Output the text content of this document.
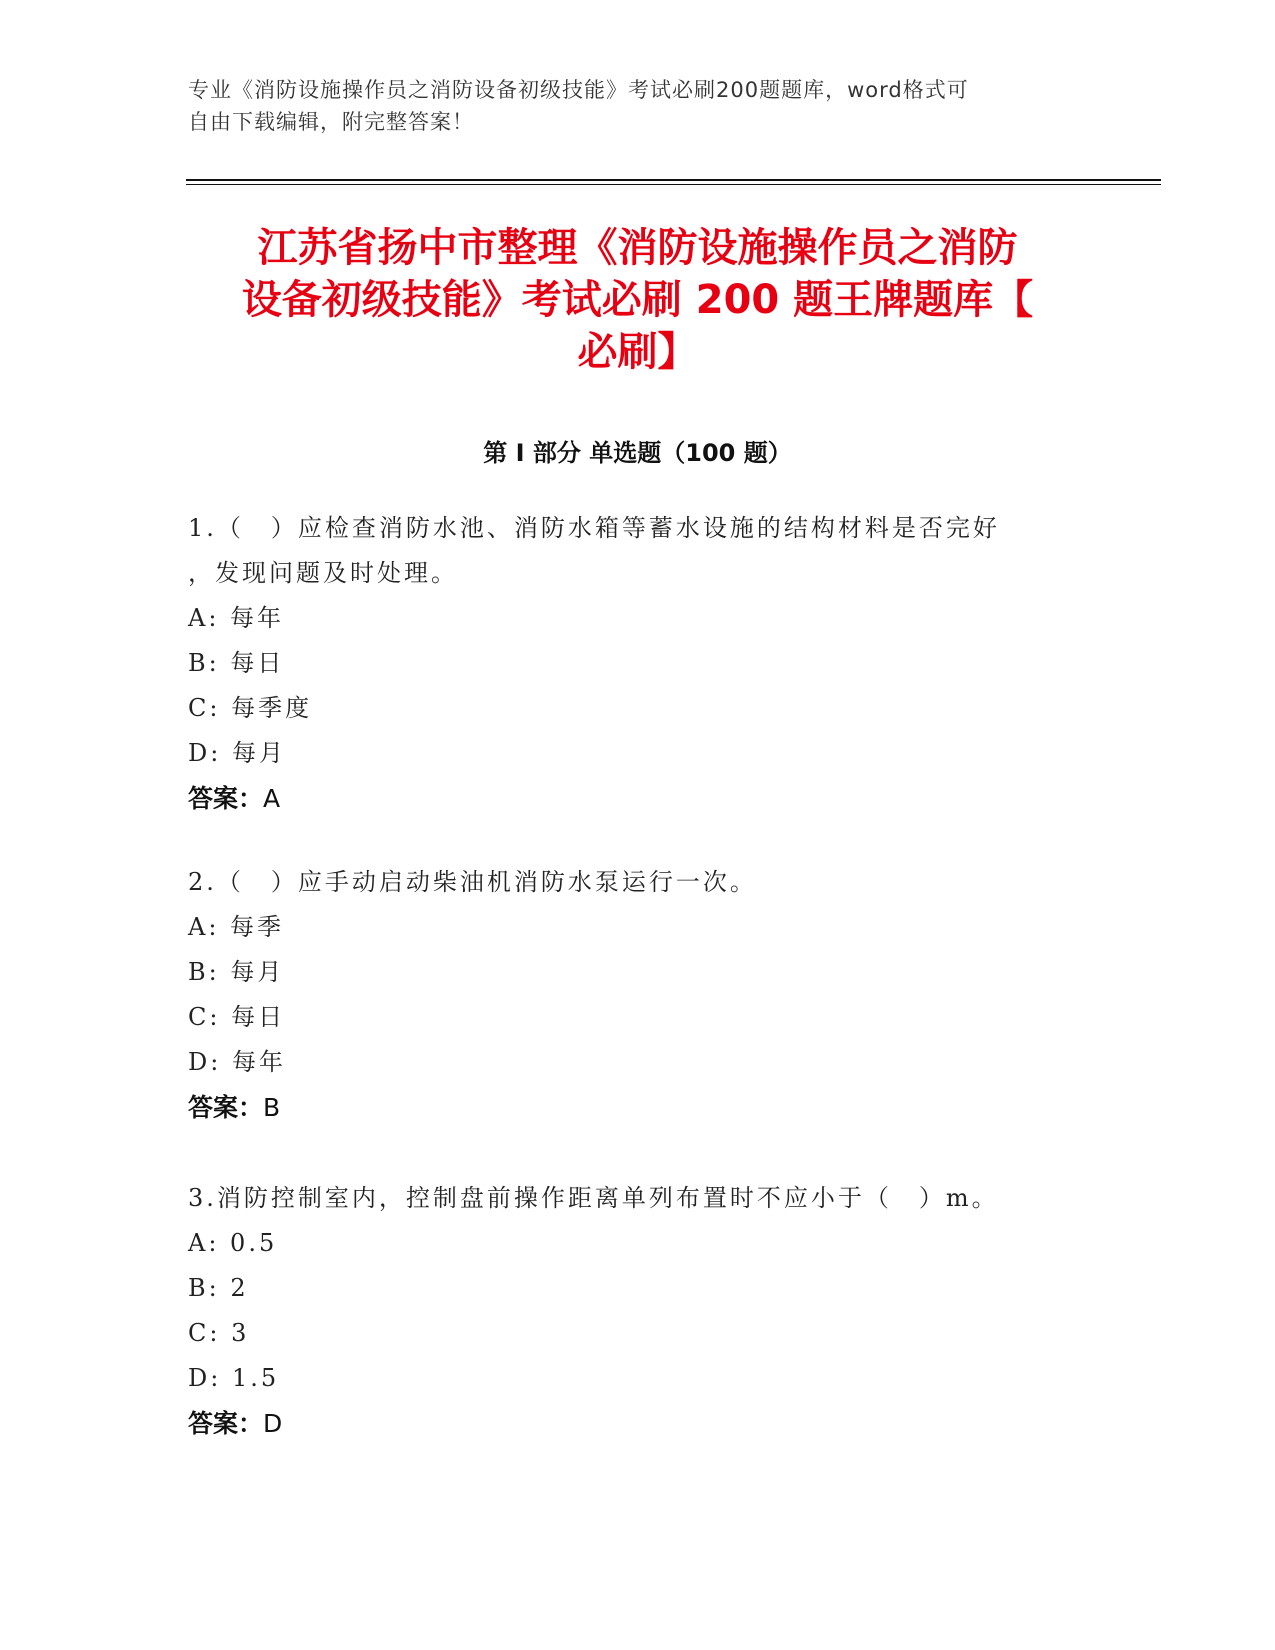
专业《消防设施操作员之消防设备初级技能》考试必刷200题题库，word格式可
自由下载编辑，附完整答案！
江苏省扬中市整理《消防设施操作员之消防
设备初级技能》考试必刷 200 题王牌题库【
必刷】
第 I 部分 单选题（100 题）

1.（　）应检查消防水池、消防水箱等蓄水设施的结构材料是否完好

，发现问题及时处理。

A: 每年

B: 每日

C: 每季度

D: 每月

答案：A

2.（　）应手动启动柴油机消防水泵运行一次。

A: 每季

B: 每月

C: 每日

D: 每年

答案：B

3.消防控制室内，控制盘前操作距离单列布置时不应小于（　）m。

A: 0.5

B: 2

C: 3

D: 1.5

答案：D
